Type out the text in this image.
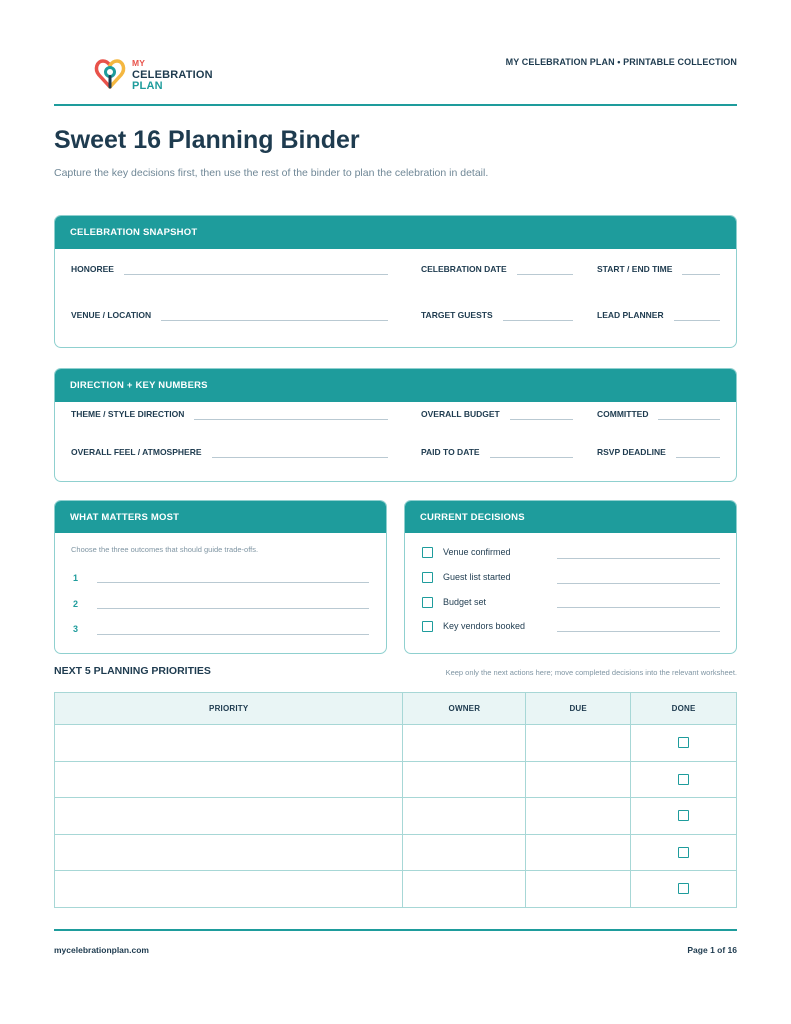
MY
CELEBRATION
PLAN
MY CELEBRATION PLAN • PRINTABLE COLLECTION
Sweet 16 Planning Binder

Capture the key decisions first, then use the rest of the binder to plan the celebration in detail.

CELEBRATION SNAPSHOT
HONOREE	CELEBRATION DATE	START / END TIME
VENUE / LOCATION	TARGET GUESTS	LEAD PLANNER
DIRECTION + KEY NUMBERS
THEME / STYLE DIRECTION	OVERALL BUDGET	COMMITTED
OVERALL FEEL / ATMOSPHERE	PAID TO DATE	RSVP DEADLINE
WHAT MATTERS MOST
Choose the three outcomes that should guide trade-offs.
1
2
3
CURRENT DECISIONS
Venue confirmed
Guest list started
Budget set
Key vendors booked
NEXT 5 PLANNING PRIORITIES	Keep only the next actions here; move completed decisions into the relevant worksheet.
PRIORITY	OWNER	DUE	DONE

mycelebrationplan.com	Page 1 of 16
